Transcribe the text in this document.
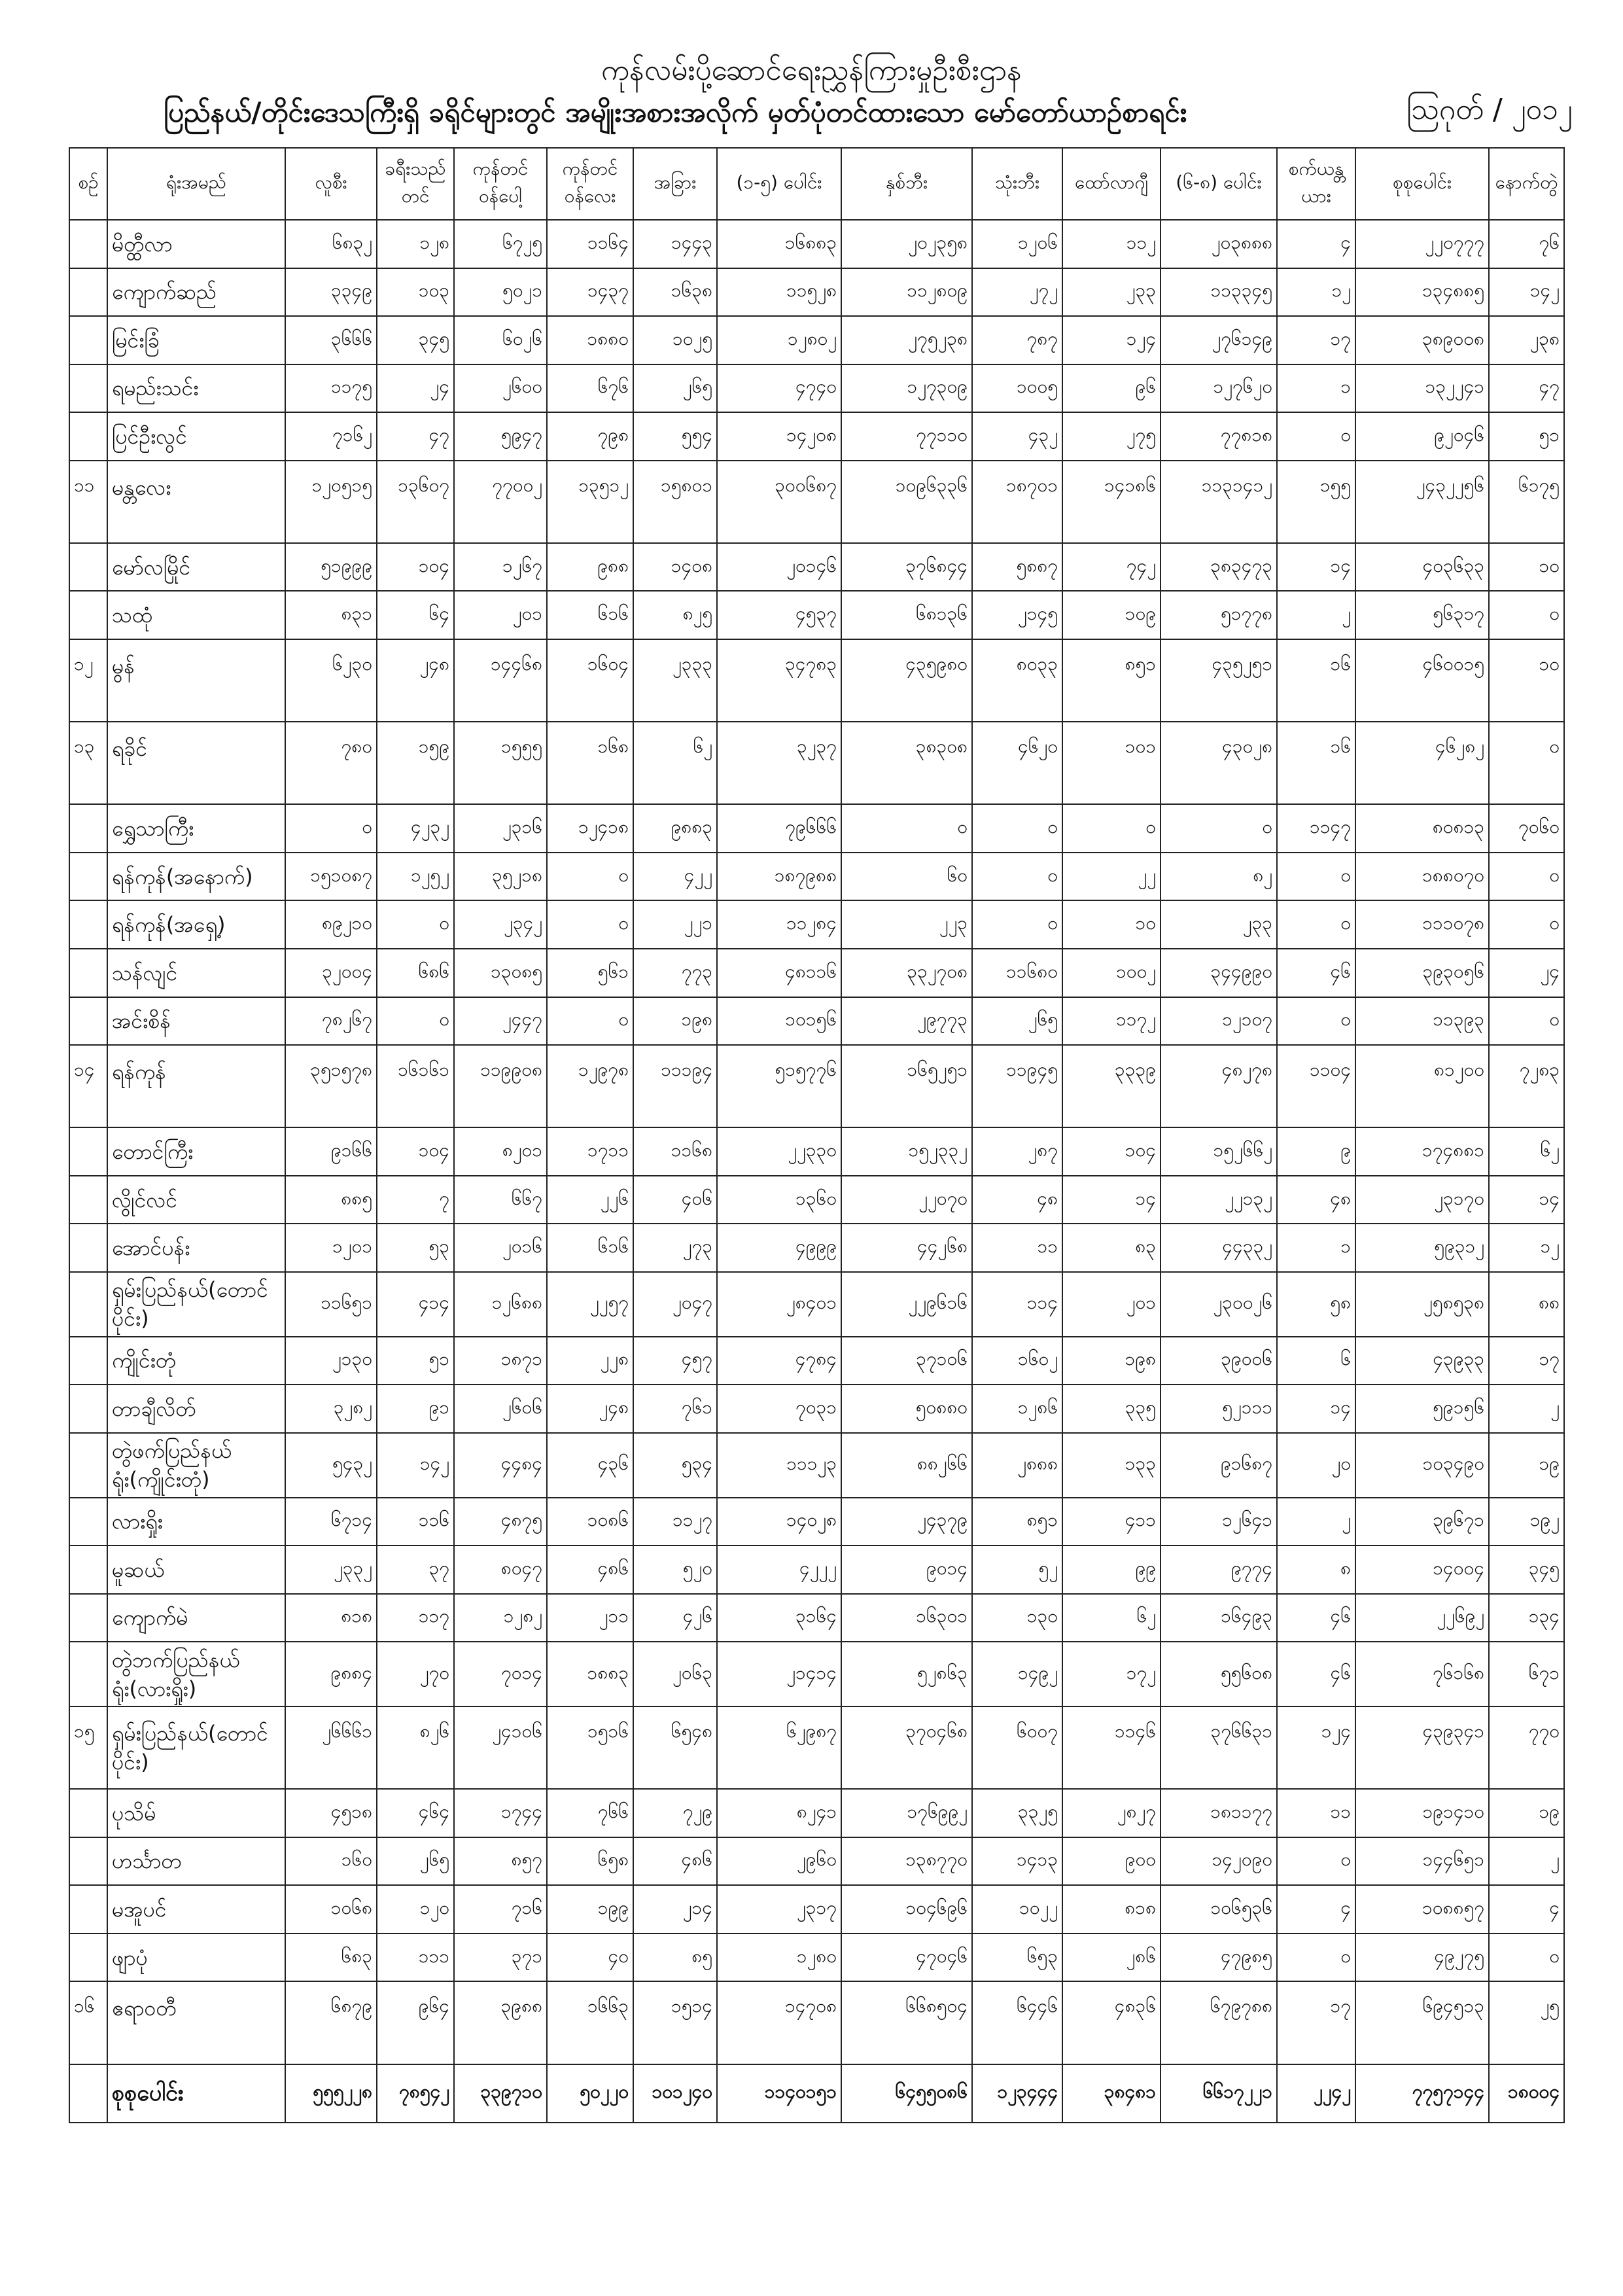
ကုန်လမ်းပို့ဆောင်ရေးညွှန်ကြားမှုဦးစီးဌာန
ပြည်နယ်/တိုင်းဒေသကြီးရှိ ခရိုင်များတွင် အမျိုးအစားအလိုက် မှတ်ပုံတင်ထားသော မော်တော်ယာဉ်စာရင်း	သြဂုတ် / ၂၀၁၂
စဉ်	ရုံးအမည်	လူစီး	ခရီးသည်တင်	ကုန်တင် ဝန်ပေါ့	ကုန်တင် ဝန်လေး	အခြား	(၁-၅) ပေါင်း	နှစ်ဘီး	သုံးဘီး	ထော်လာဂျီ	(၆-၈) ပေါင်း	စက်ယန္တယား	စုစုပေါင်း	နောက်တွဲ
	မိတ္ထီလာ	၆၈၃၂	၁၂၈	၆၇၂၅	၁၁၆၄	၁၄၄၃	၁၆၈၈၃	၂၀၂၃၅၈	၁၂၀၆	၁၁၂	၂၀၃၈၈၈	၄	၂၂၀၇၇၇	၇၆
	ကျောက်ဆည်	၃၃၄၉	၁၀၃	၅၀၂၁	၁၄၃၇	၁၆၃၈	၁၁၅၂၈	၁၁၂၈၀၉	၂၇၂	၂၃၃	၁၁၃၃၄၅	၁၂	၁၃၄၈၈၅	၁၄၂
	မြင်းခြံ	၃၆၆၆	၃၄၅	၆၀၂၆	၁၈၈၀	၁၀၂၅	၁၂၈၀၂	၂၇၅၂၃၈	၇၈၇	၁၂၄	၂၇၆၁၄၉	၁၇	၃၈၉၀၀၈	၂၃၈
	ရမည်းသင်း	၁၁၇၅	၂၄	၂၆၀၀	၆၇၆	၂၆၅	၄၇၄၀	၁၂၇၃၀၉	၁၀၀၅	၉၆	၁၂၇၆၂၀	၁	၁၃၂၂၄၁	၄၇
	ပြင်ဦးလွင်	၇၁၆၂	၄၇	၅၉၄၇	၇၉၈	၅၅၄	၁၄၂၀၈	၇၇၁၁၀	၄၃၂	၂၇၅	၇၇၈၁၈	၀	၉၂၀၄၆	၅၁
၁၁	မန္တလေး	၁၂၀၅၁၅	၁၃၆၀၇	၇၇၀၀၂	၁၃၅၁၂	၁၅၈၀၁	၃၀၀၆၈၇	၁၀၉၆၃၃၆	၁၈၇၀၁	၁၄၁၈၆	၁၁၃၁၄၁၂	၁၅၅	၂၄၃၂၂၅၆	၆၁၇၅
	မော်လမြိုင်	၅၁၉၉၉	၁၀၄	၁၂၆၇	၉၈၈	၁၄၀၈	၂၀၁၄၆	၃၇၆၈၄၄	၅၈၈၇	၇၄၂	၃၈၃၄၇၃	၁၄	၄၀၃၆၃၃	၁၀
	သထုံ	၈၃၁	၆၄	၂၀၁	၆၁၆	၈၂၅	၄၅၃၇	၆၈၁၃၆	၂၁၄၅	၁၀၉	၅၁၇၇၈	၂	၅၆၃၁၇	၀
၁၂	မွန်	၆၂၃၀	၂၄၈	၁၄၄၆၈	၁၆၀၄	၂၃၃၃	၃၄၇၈၃	၄၃၅၉၈၀	၈၀၃၃	၈၅၁	၄၃၅၂၅၁	၁၆	၄၆၀၀၁၅	၁၀
၁၃	ရခိုင်	၇၈၀	၁၅၉	၁၅၅၅	၁၆၈	၆၂	၃၂၃၇	၃၈၃၀၈	၄၆၂၀	၁၀၁	၄၃၀၂၈	၁၆	၄၆၂၈၂	၀
	ရွှေသာကြီး	၀	၄၂၃၂	၂၃၁၆	၁၂၄၁၈	၉၈၈၃	၇၉၆၆၆	၀	၀	၀	၀	၁၁၄၇	၈၀၈၁၃	၇၀၆၀
	ရန်ကုန်(အနောက်)	၁၅၁၀၈၇	၁၂၅၂	၃၅၂၁၈	၀	၄၂၂	၁၈၇၉၈၈	၆၀	၀	၂၂	၈၂	၀	၁၈၈၀၇၀	၀
	ရန်ကုန်(အရှေ့)	၈၉၂၁၀	၀	၂၃၄၂	၀	၂၂၁	၁၁၂၈၄	၂၂၃	၀	၁၀	၂၃၃	၀	၁၁၁၀၇၈	၀
	သန်လျင်	၃၂၀၀၄	၆၈၆	၁၃၀၈၅	၅၆၁	၇၇၃	၄၈၁၁၆	၃၃၂၇၀၈	၁၁၆၈၀	၁၀၀၂	၃၄၄၉၉၀	၄၆	၃၉၃၀၅၆	၂၄
	အင်းစိန်	၇၈၂၆၇	၀	၂၄၄၇	၀	၁၉၈	၁၀၁၅၆	၂၉၇၇၃	၂၆၅	၁၁၇၂	၁၂၁၀၇	၀	၁၁၃၉၃	၀
၁၄	ရန်ကုန်	၃၅၁၅၇၈	၁၆၁၆၁	၁၁၉၉၀၈	၁၂၉၇၈	၁၁၁၉၄	၅၁၅၇၇၆	၁၆၅၂၅၁	၁၁၉၄၅	၃၃၃၉	၄၈၂၇၈	၁၁၀၄	၈၁၂၀၀	၇၂၈၃
	တောင်ကြီး	၉၁၆၆	၁၀၄	၈၂၀၁	၁၇၁၁	၁၁၆၈	၂၂၃၃၀	၁၅၂၃၃၂	၂၈၇	၁၀၄	၁၅၂၆၆၂	၉	၁၇၄၈၈၁	၆၂
	လွိုင်လင်	၈၈၅	၇	၆၆၇	၂၂၆	၄၀၆	၁၃၆၀	၂၂၀၇၀	၄၈	၁၄	၂၂၁၃၂	၄၈	၂၃၁၇၀	၁၄
	အောင်ပန်း	၁၂၀၁	၅၃	၂၀၁၆	၆၁၆	၂၇၃	၄၉၉၉	၄၄၂၆၈	၁၁	၈၃	၄၄၃၃၂	၁	၅၉၃၁၂	၁၂
	ရှမ်းပြည်နယ်(တောင်ပိုင်း)	၁၁၆၅၁	၄၁၄	၁၂၆၈၈	၂၂၅၇	၂၀၄၇	၂၈၄၀၁	၂၂၉၆၁၆	၁၁၄	၂၀၁	၂၃၀၀၂၆	၅၈	၂၅၈၅၃၈	၈၈
	ကျိုင်းတုံ	၂၁၃၀	၅၁	၁၈၇၁	၂၂၈	၄၅၇	၄၇၈၄	၃၇၁၀၆	၁၆၀၂	၁၉၈	၃၉၀၀၆	၆	၄၃၉၃၃	၁၇
	တာချီလိတ်	၃၂၈၂	၉၁	၂၆၀၆	၂၄၈	၇၆၁	၇၀၃၁	၅၀၈၈၀	၁၂၈၆	၃၃၅	၅၂၁၁၁	၁၄	၅၉၁၅၆	၂
	တွဲဖက်ပြည်နယ်ရုံး(ကျိုင်းတုံ)	၅၄၃၂	၁၄၂	၄၄၈၄	၄၃၆	၅၃၄	၁၁၁၂၃	၈၈၂၆၆	၂၈၈၈	၁၃၃	၉၁၆၈၇	၂၀	၁၀၃၄၉၀	၁၉
	လားရှိုး	၆၇၁၄	၁၁၆	၄၈၇၅	၁၀၈၆	၁၁၂၇	၁၄၀၂၈	၂၄၃၇၉	၈၅၁	၄၁၁	၁၂၆၄၁	၂	၃၉၆၇၁	၁၉၂
	မူဆယ်	၂၃၃၂	၃၇	၈၀၄၇	၄၈၆	၅၂၀	၄၂၂၂	၉၀၁၄	၅၂	၉၉	၉၇၇၄	၈	၁၄၀၀၄	၃၄၅
	ကျောက်မဲ	၈၁၈	၁၁၇	၁၂၈၂	၂၁၁	၄၂၆	၃၁၆၄	၁၆၃၀၁	၁၃၀	၆၂	၁၆၄၉၃	၄၆	၂၂၆၉၂	၁၃၄
	တွဲဘက်ပြည်နယ်ရုံး(လားရှိုး)	၉၈၈၄	၂၇၀	၇၀၁၄	၁၈၈၃	၂၀၆၃	၂၁၄၁၄	၅၂၈၆၃	၁၄၉၂	၁၇၂	၅၅၆၀၈	၄၆	၇၆၁၆၈	၆၇၁
၁၅	ရှမ်းပြည်နယ်(တောင်ပိုင်း)	၂၆၆၆၁	၈၂၆	၂၄၁၀၆	၁၅၁၆	၆၅၄၈	၆၂၉၈၇	၃၇၀၄၆၈	၆၀၀၇	၁၁၄၆	၃၇၆၆၃၁	၁၂၄	၄၃၉၃၄၁	၇၇၀
	ပုသိမ်	၄၅၁၈	၄၆၄	၁၇၄၄	၇၆၆	၇၂၉	၈၂၄၁	၁၇၆၉၉၂	၃၃၂၅	၂၈၂၇	၁၈၁၁၇၇	၁၁	၁၉၁၄၁၀	၁၉
	ဟင်္သာတ	၁၆၀	၂၆၅	၈၅၇	၆၅၈	၄၈၆	၂၉၆၀	၁၃၈၇၇၀	၁၄၁၃	၉၀၀	၁၄၂၀၉၀	၀	၁၄၄၆၅၁	၂
	မအူပင်	၁၀၆၈	၁၂၀	၇၁၆	၁၉၉	၂၁၄	၂၃၁၇	၁၀၄၆၉၆	၁၀၂၂	၈၁၈	၁၀၆၅၃၆	၄	၁၀၈၈၅၇	၄
	ဖျာပုံ	၆၈၃	၁၁၁	၃၇၁	၄၀	၈၅	၁၂၈၀	၄၇၀၄၆	၆၅၃	၂၈၆	၄၇၉၈၅	၀	၄၉၂၇၅	၀
၁၆	ဧရာဝတီ	၆၈၇၉	၉၆၄	၃၉၈၈	၁၆၆၃	၁၅၁၄	၁၄၇၀၈	၆၆၈၅၀၄	၆၄၄၆	၄၈၃၆	၆၇၉၇၈၈	၁၇	၆၉၄၅၁၃	၂၅
	စုစုပေါင်း	၅၅၅၂၂၈	၇၈၅၄၂	၃၃၉၇၁၀	၅၀၂၂၀	၁၀၁၂၄၀	၁၁၄၀၁၅၁	၆၄၅၅၀၈၆	၁၂၃၄၄၄	၃၈၄၈၁	၆၆၁၇၂၂၁	၂၂၄၂	၇၇၅၇၁၄၄	၁၈၀၀၄
